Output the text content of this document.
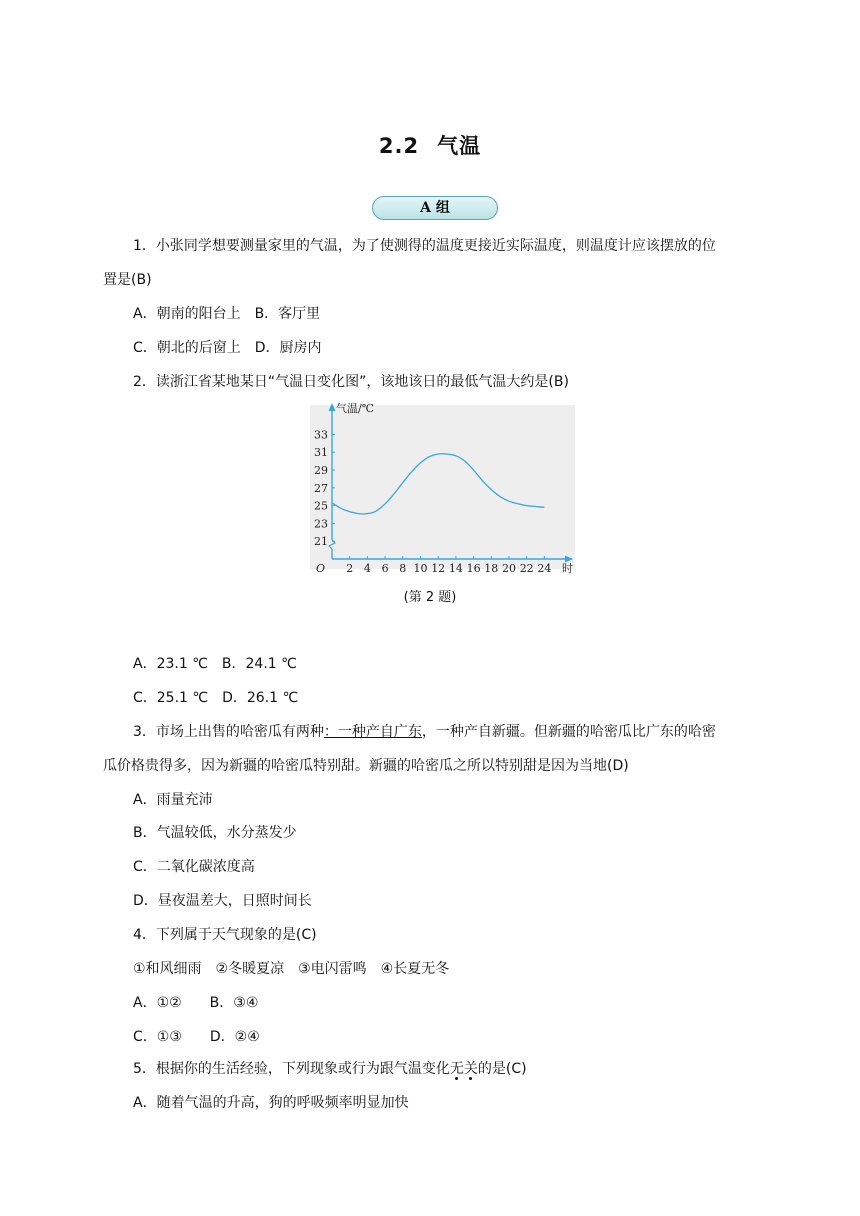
2.2 气温
A 组
1．小张同学想要测量家里的气温，为了使测得的温度更接近实际温度，则温度计应该摆放的位
置是(B)
A．朝南的阳台上　B．客厅里
C．朝北的后窗上　D．厨房内
2．读浙江省某地某日“气温日变化图”，该地该日的最低气温大约是(B)
气温/℃
时
O 2 4 6 8 10 12 14 16 18 20 22 24
21
23
25
27
29
31
33
(第 2 题)
A．23.1 ℃　B．24.1 ℃
C．25.1 ℃　D．26.1 ℃
3．市场上出售的哈密瓜有两种：一种产自广东，一种产自新疆。但新疆的哈密瓜比广东的哈密
瓜价格贵得多，因为新疆的哈密瓜特别甜。新疆的哈密瓜之所以特别甜是因为当地(D)
A．雨量充沛
B．气温较低，水分蒸发少
C．二氧化碳浓度高
D．昼夜温差大，日照时间长
4．下列属于天气现象的是(C)
①和风细雨　②冬暖夏凉　③电闪雷鸣　④长夏无冬
A．①②　　B．③④
C．①③　　D．②④
5．根据你的生活经验，下列现象或行为跟气温变化无关的是(C)
A．随着气温的升高，狗的呼吸频率明显加快
